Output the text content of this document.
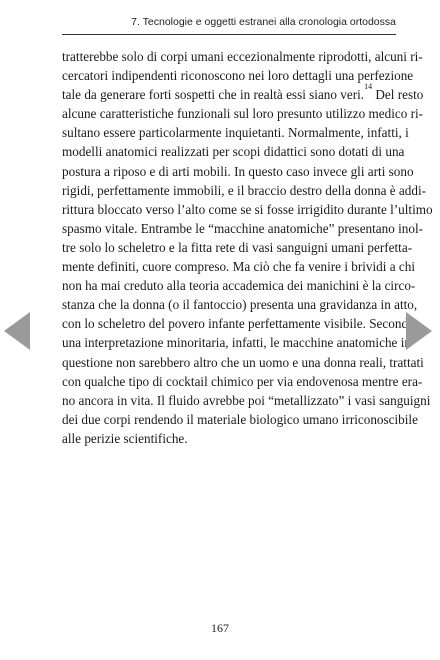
7. Tecnologie e oggetti estranei alla cronologia ortodossa
tratterebbe solo di corpi umani eccezionalmente riprodotti, alcuni ri-
cercatori indipendenti riconoscono nei loro dettagli una perfezione
tale da generare forti sospetti che in realtà essi siano veri.$^{14}$ Del resto
alcune caratteristiche funzionali sul loro presunto utilizzo medico ri-
sultano essere particolarmente inquietanti. Normalmente, infatti, i
modelli anatomici realizzati per scopi didattici sono dotati di una
postura a riposo e di arti mobili. In questo caso invece gli arti sono
rigidi, perfettamente immobili, e il braccio destro della donna è addi-
rittura bloccato verso l’alto come se si fosse irrigidito durante l’ultimo
spasmo vitale. Entrambe le “macchine anatomiche” presentano inol-
tre solo lo scheletro e la fitta rete di vasi sanguigni umani perfetta-
mente definiti, cuore compreso. Ma ciò che fa venire i brividi a chi
non ha mai creduto alla teoria accademica dei manichini è la circo-
stanza che la donna (o il fantoccio) presenta una gravidanza in atto,
con lo scheletro del povero infante perfettamente visibile. Secondo
una interpretazione minoritaria, infatti, le macchine anatomiche in
questione non sarebbero altro che un uomo e una donna reali, trattati
con qualche tipo di cocktail chimico per via endovenosa mentre era-
no ancora in vita. Il fluido avrebbe poi “metallizzato” i vasi sanguigni
dei due corpi rendendo il materiale biologico umano irriconoscibile
alle perizie scientifiche.
167
